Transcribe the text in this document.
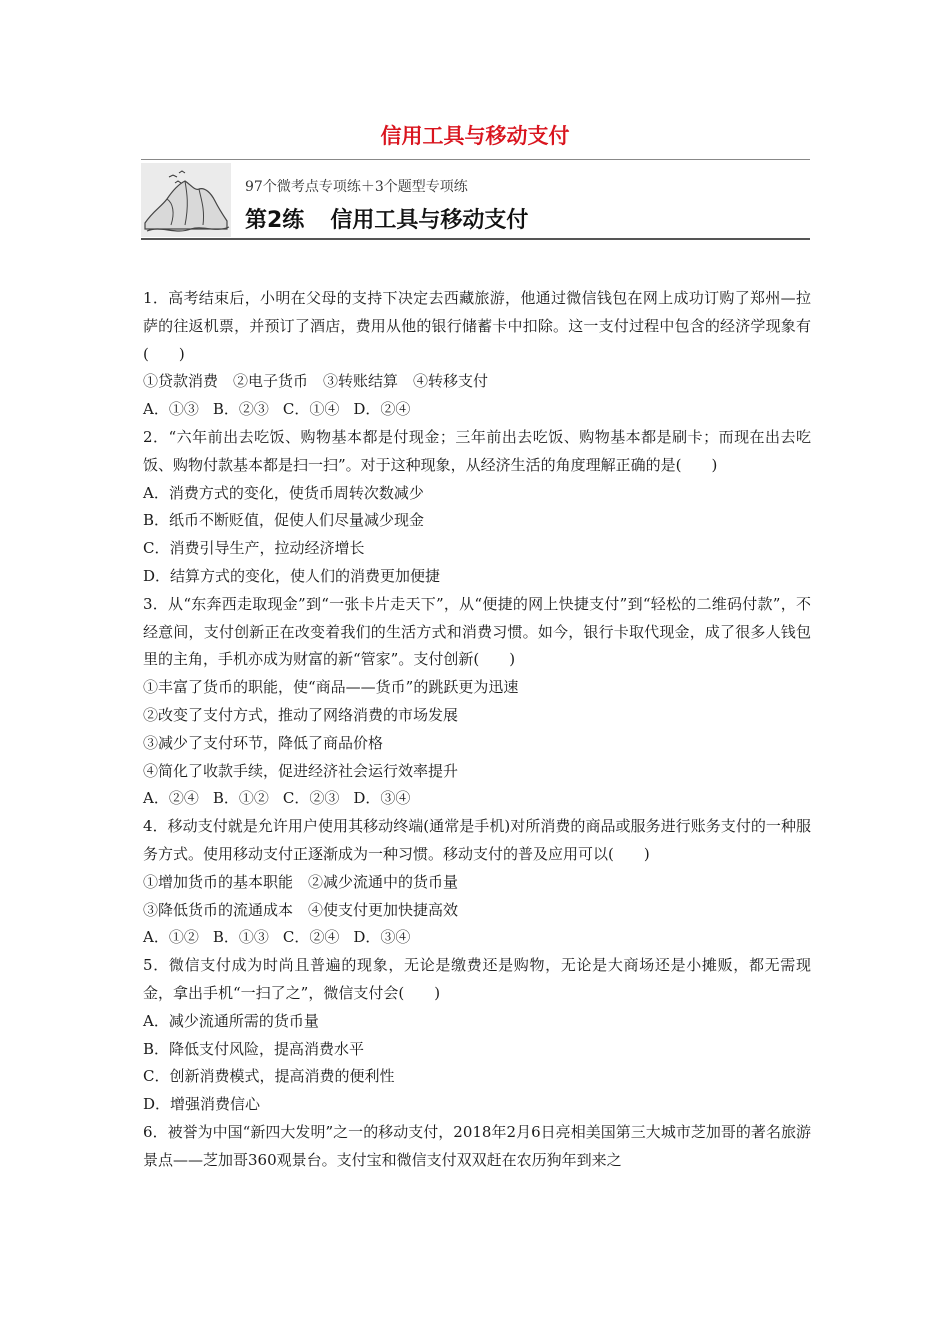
信用工具与移动支付
97个微考点专项练＋3个题型专项练
第2练 信用工具与移动支付

1．高考结束后，小明在父母的支持下决定去西藏旅游，他通过微信钱包在网上成功订购了郑州—拉萨的往返机票，并预订了酒店，费用从他的银行储蓄卡中扣除。这一支付过程中包含的经济学现象有(　　)

①贷款消费　②电子货币　③转账结算　④转移支付

A．①③ B．②③ C．①④ D．②④

2．“六年前出去吃饭、购物基本都是付现金；三年前出去吃饭、购物基本都是刷卡；而现在出去吃饭、购物付款基本都是扫一扫”。对于这种现象，从经济生活的角度理解正确的是(　　)

A．消费方式的变化，使货币周转次数减少

B．纸币不断贬值，促使人们尽量减少现金

C．消费引导生产，拉动经济增长

D．结算方式的变化，使人们的消费更加便捷

3．从“东奔西走取现金”到“一张卡片走天下”，从“便捷的网上快捷支付”到“轻松的二维码付款”，不经意间，支付创新正在改变着我们的生活方式和消费习惯。如今，银行卡取代现金，成了很多人钱包里的主角，手机亦成为财富的新“管家”。支付创新(　　)

①丰富了货币的职能，使“商品——货币”的跳跃更为迅速

②改变了支付方式，推动了网络消费的市场发展

③减少了支付环节，降低了商品价格

④简化了收款手续，促进经济社会运行效率提升

A．②④ B．①② C．②③ D．③④

4．移动支付就是允许用户使用其移动终端(通常是手机)对所消费的商品或服务进行账务支付的一种服务方式。使用移动支付正逐渐成为一种习惯。移动支付的普及应用可以(　　)

①增加货币的基本职能　②减少流通中的货币量

③降低货币的流通成本　④使支付更加快捷高效

A．①② B．①③ C．②④ D．③④

5．微信支付成为时尚且普遍的现象，无论是缴费还是购物，无论是大商场还是小摊贩，都无需现金，拿出手机“一扫了之”，微信支付会(　　)

A．减少流通所需的货币量

B．降低支付风险，提高消费水平

C．创新消费模式，提高消费的便利性

D．增强消费信心

6．被誉为中国“新四大发明”之一的移动支付，2018年2月6日亮相美国第三大城市芝加哥的著名旅游景点——芝加哥360观景台。支付宝和微信支付双双赶在农历狗年到来之
